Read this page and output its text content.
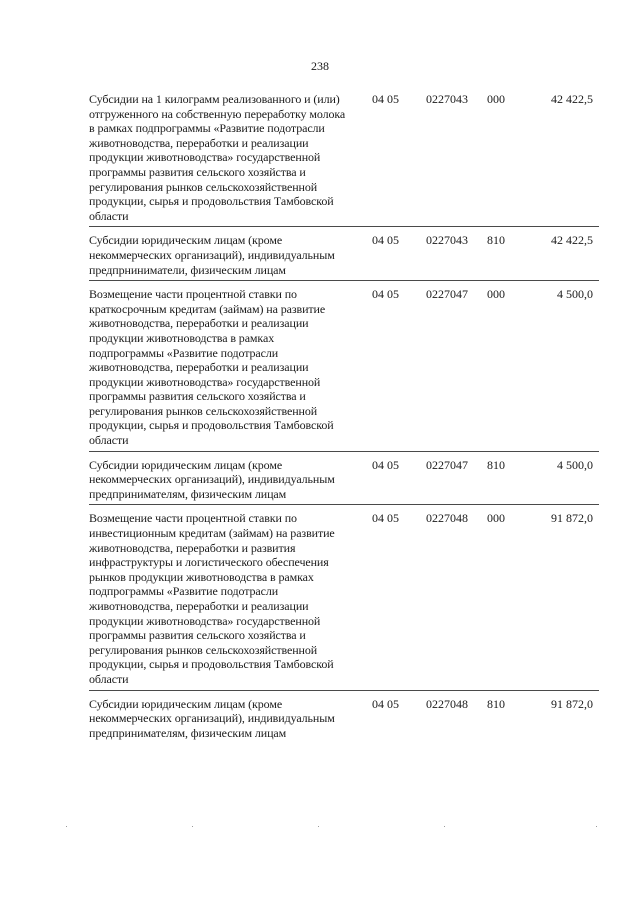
238
Субсидии на 1 килограмм реализованного и (или) отгруженного на собственную переработку молока в рамках подпрограммы «Развитие подотрасли животноводства, переработки и реализации продукции животноводства» государственной программы развития сельского хозяйства и регулирования рынков сельскохозяйственной продукции, сырья и продовольствия Тамбовской области
04 05 0227043 000	42 422,5
Субсидии юридическим лицам (кроме некоммерческих организаций), индивидуальным предпрниниматели, физическим лицам
04 05 0227043 810	42 422,5
Возмещение части процентной ставки по краткосрочным кредитам (займам) на развитие животноводства, переработки и реализации продукции животноводства в рамках подпрограммы «Развитие подотрасли животноводства, переработки и реализации продукции животноводства» государственной программы развития сельского хозяйства и регулирования рынков сельскохозяйственной продукции, сырья и продовольствия Тамбовской области
04 05 0227047 000	4 500,0
Субсидии юридическим лицам (кроме некоммерческих организаций), индивидуальным предпринимателям, физическим лицам
04 05 0227047 810	4 500,0
Возмещение части процентной ставки по инвестиционным кредитам (займам) на развитие животноводства, переработки и развития инфраструктуры и логистического обеспечения рынков продукции животноводства в рамках подпрограммы «Развитие подотрасли животноводства, переработки и реализации продукции животноводства» государственной программы развития сельского хозяйства и регулирования рынков сельскохозяйственной продукции, сырья и продовольствия Тамбовской области
04 05 0227048 000	91 872,0
Субсидии юридическим лицам (кроме некоммерческих организаций), индивидуальным предпринимателям, физическим лицам
04 05 0227048 810	91 872,0
